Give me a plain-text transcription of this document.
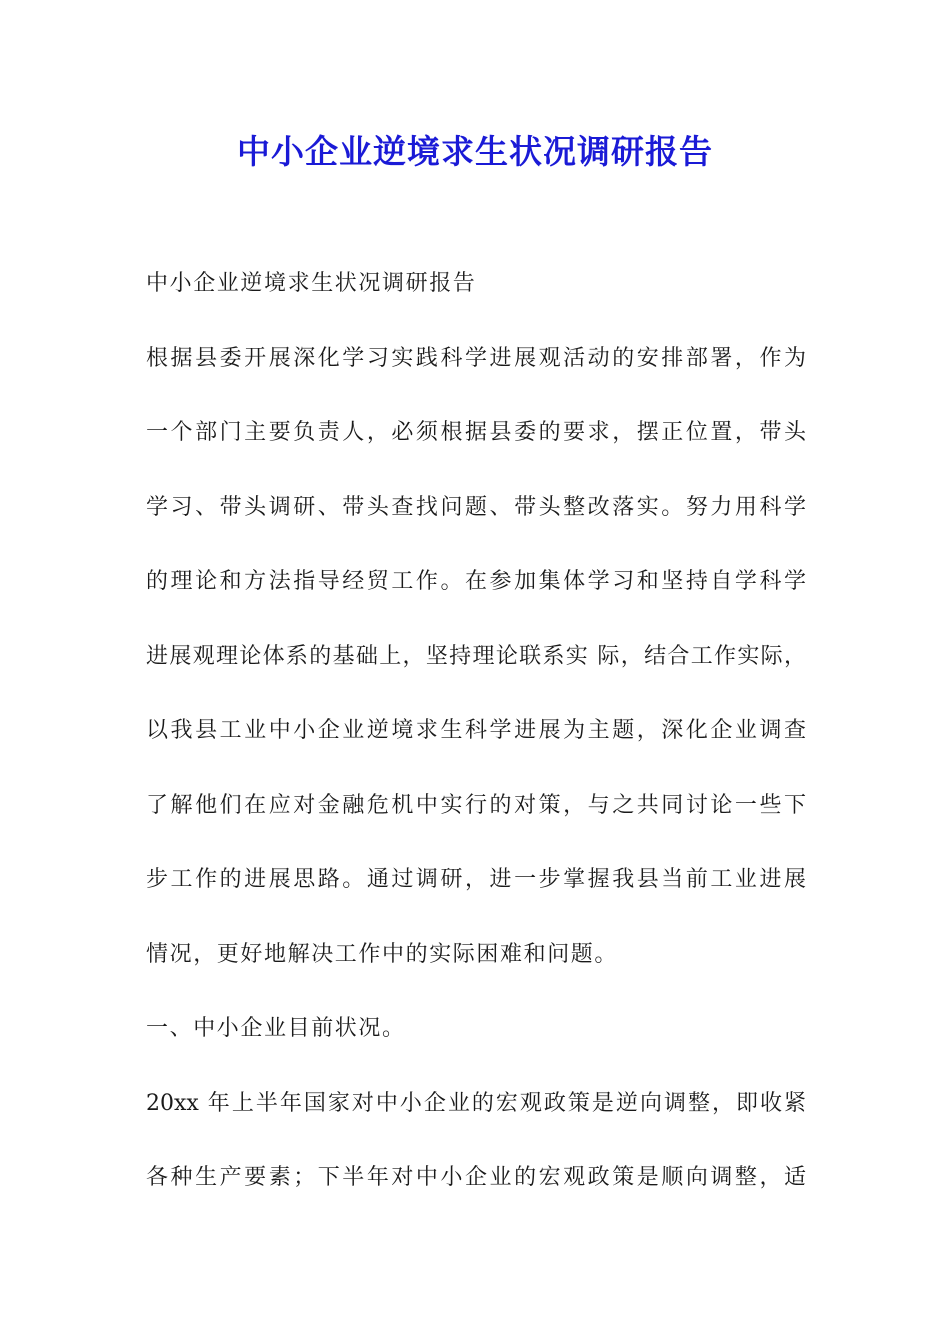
中小企业逆境求生状况调研报告
中小企业逆境求生状况调研报告
根据县委开展深化学习实践科学进展观活动的安排部署，作为
一个部门主要负责人，必须根据县委的要求，摆正位置，带头
学习、带头调研、带头查找问题、带头整改落实。努力用科学
的理论和方法指导经贸工作。在参加集体学习和坚持自学科学
进展观理论体系的基础上，坚持理论联系实 际，结合工作实际，
以我县工业中小企业逆境求生科学进展为主题，深化企业调查
了解他们在应对金融危机中实行的对策，与之共同讨论一些下
步工作的进展思路。通过调研，进一步掌握我县当前工业进展
情况，更好地解决工作中的实际困难和问题。
一、中小企业目前状况。
20xx 年上半年国家对中小企业的宏观政策是逆向调整，即收紧
各种生产要素；下半年对中小企业的宏观政策是顺向调整，适
